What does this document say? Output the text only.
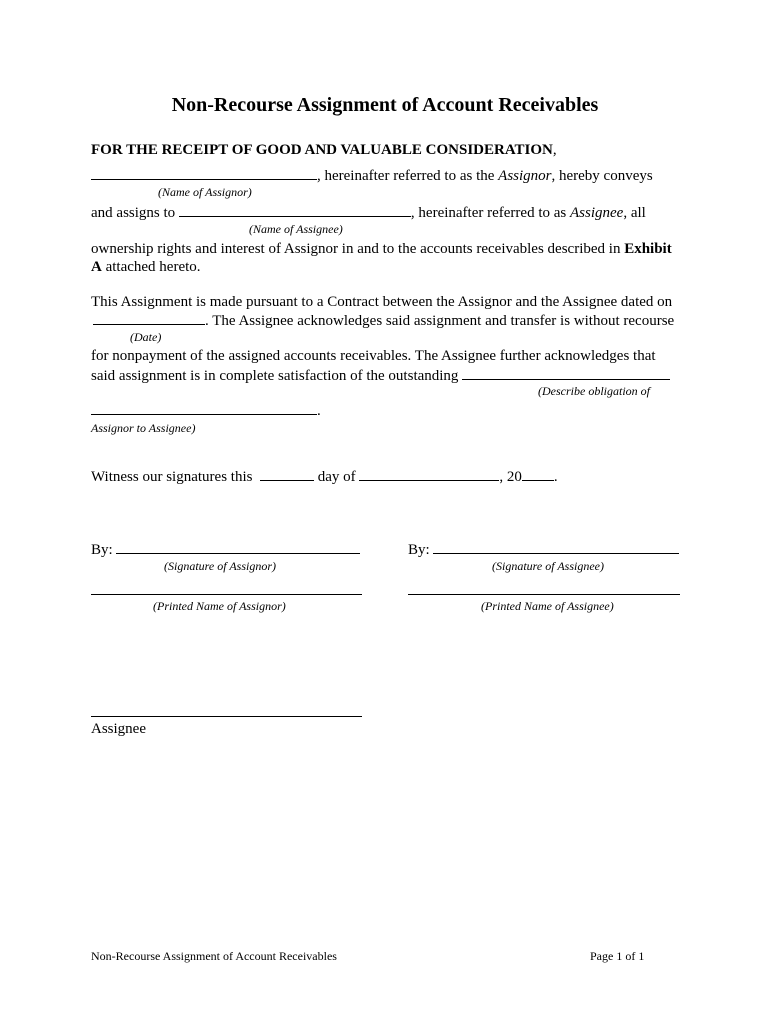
Non-Recourse Assignment of Account Receivables
FOR THE RECEIPT OF GOOD AND VALUABLE CONSIDERATION,
, hereinafter referred to as the Assignor, hereby conveys
(Name of Assignor)
and assigns to	, hereinafter referred to as Assignee, all
(Name of Assignee)
ownership rights and interest of Assignor in and to the accounts receivables described in Exhibit
A attached hereto.
This Assignment is made pursuant to a Contract between the Assignor and the Assignee dated on
. The Assignee acknowledges said assignment and transfer is without recourse
(Date)
for nonpayment of the assigned accounts receivables. The Assignee further acknowledges that
said assignment is in complete satisfaction of the outstanding
(Describe obligation of
.
Assignor to Assignee)
Witness our signatures this	day of	, 20 .
By:	By:
(Signature of Assignor)	(Signature of Assignee)
(Printed Name of Assignor)	(Printed Name of Assignee)
Assignee
Non-Recourse Assignment of Account Receivables	Page 1 of 1
